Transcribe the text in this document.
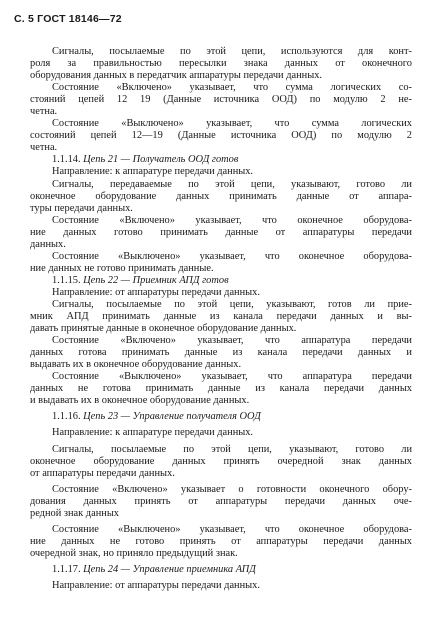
С. 5 ГОСТ 18146—72
Сигналы, посылаемые по этой цепи, используются для конт-
роля за правильностью пересылки знака данных от оконечного
оборудования данных в передатчик аппаратуры передачи данных.
Состояние «Включено» указывает, что сумма логических со-
стояний цепей 12 19 (Данные источника ООД) по модулю 2 не-
четна.
Состояние «Выключено» указывает, что сумма логических
состояний цепей 12—19 (Данные источника ООД) по модулю 2
четна.
1.1.14. Цепь 21 — Получатель ООД готов
Направление: к аппаратуре передачи данных.
Сигналы, передаваемые по этой цепи, указывают, готово ли
оконечное оборудование данных принимать данные от аппара-
туры передачи данных.
Состояние «Включено» указывает, что оконечное оборудова-
ние данных готово принимать данные от аппаратуры передачи
данных.
Состояние «Выключено» указывает, что оконечное оборудова-
ние данных не готово принимать данные.
1.1.15. Цепь 22 — Приемник АПД готов
Направление: от аппаратуры передачи данных.
Сигналы, посылаемые по этой цепи, указывают, готов ли прие-
мник АПД принимать данные из канала передачи данных и вы-
давать принятые данные в оконечное оборудование данных.
Состояние «Включено» указывает, что аппаратура передачи
данных готова принимать данные из канала передачи данных и
выдавать их в оконечное оборудование данных.
Состояние «Выключено» указывает, что аппаратура передачи
данных не готова принимать данные из канала передачи данных
и выдавать их в оконечное оборудование данных.
1.1.16. Цепь 23 — Управление получателя ООД
Направление: к аппаратуре передачи данных.
Сигналы, посылаемые по этой цепи, указывают, готово ли
оконечное оборудование данных принять очередной знак данных
от аппаратуры передачи данных.
Состояние «Включено» указывает о готовности оконечного обору-
дования данных принять от аппаратуры передачи данных оче-
редной знак данных
Состояние «Выключено» указывает, что оконечное оборудова-
ние данных не готово принять от аппаратуры передачи данных
очередной знак, но приняло предыдущий знак.
1.1.17. Цепь 24 — Управление приемника АПД
Направление: от аппаратуры передачи данных.
